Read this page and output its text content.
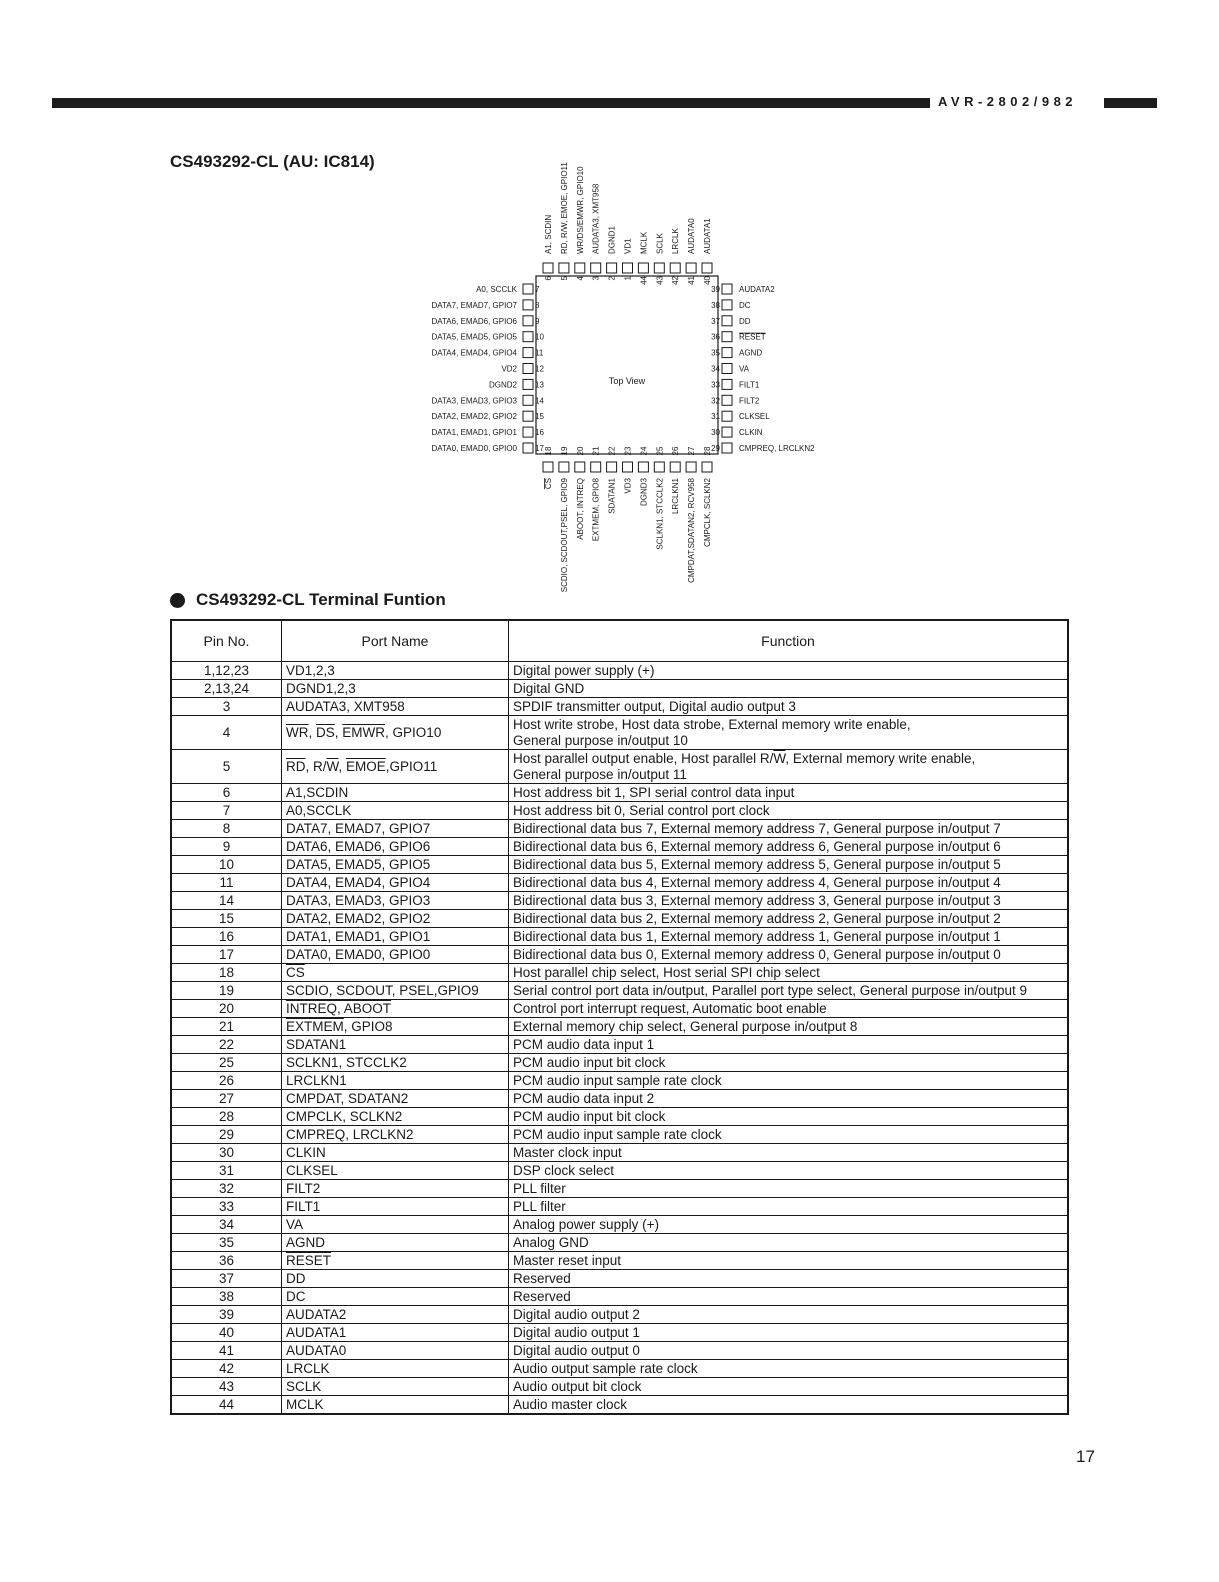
AVR-2802/982
CS493292-CL (AU: IC814)
Top View
7
A0, SCCLK
8
DATA7, EMAD7, GPIO7
9
DATA6, EMAD6, GPIO6
10
DATA5, EMAD5, GPIO5
11
DATA4, EMAD4, GPIO4
12
VD2
13
DGND2
14
DATA3, EMAD3, GPIO3
15
DATA2, EMAD2, GPIO2
16
DATA1, EMAD1, GPIO1
17
DATA0, EMAD0, GPIO0
39 AUDATA2
38 DC
37 DD
36 RESET
35 AGND
34 VA
33 FILT1
32 FILT2
31 CLKSEL
30 CLKIN
29 CMPREQ, LRCLKN2
6
A1, SCDIN
5
RD, R/W, EMOE, GPIO11
4
WR/DS/EMWR, GPIO10
3
AUDATA3, XMT958
2
DGND1
1
VD1
44
MCLK
43
SCLK
42
LRCLK
41
AUDATA0
40
AUDATA1
18
CS
19
SCDIO, SCDOUT,PSEL, GPIO9
20
ABOOT, INTREQ
21
EXTMEM, GPIO8
22
SDATAN1
23
VD3
24
DGND3
25
SCLKN1, STCCLK2
26
LRCLKN1
27
CMPDAT,SDATAN2, RCV958
28
CMPCLK, SCLKN2
CS493292-CL Terminal Funtion
Pin No.	Port Name	Function
1,12,23	VD1,2,3	Digital power supply (+)
2,13,24	DGND1,2,3	Digital GND
3	AUDATA3, XMT958	SPDIF transmitter output, Digital audio output 3
4	$\overline{WR}$, $\overline{DS}$, EMWR, GPIO10	Host write strobe, Host data strobe, External memory write enable,
General purpose in/output 10
5	$\overline{RD}$, $R/\overline{W}$, EMOE,GPIO11	Host parallel output enable, Host parallel $R/\overline{W}$, External memory write enable,
General purpose in/output 11
6	A1,SCDIN	Host address bit 1, SPI serial control data input
7	A0,SCCLK	Host address bit 0, Serial control port clock
8	DATA7, EMAD7, GPIO7	Bidirectional data bus 7, External memory address 7, General purpose in/output 7
9	DATA6, EMAD6, GPIO6	Bidirectional data bus 6, External memory address 6, General purpose in/output 6
10	DATA5, EMAD5, GPIO5	Bidirectional data bus 5, External memory address 5, General purpose in/output 5
11	DATA4, EMAD4, GPIO4	Bidirectional data bus 4, External memory address 4, General purpose in/output 4
14	DATA3, EMAD3, GPIO3	Bidirectional data bus 3, External memory address 3, General purpose in/output 3
15	DATA2, EMAD2, GPIO2	Bidirectional data bus 2, External memory address 2, General purpose in/output 2
16	DATA1, EMAD1, GPIO1	Bidirectional data bus 1, External memory address 1, General purpose in/output 1
17	DATA0, EMAD0, GPIO0	Bidirectional data bus 0, External memory address 0, General purpose in/output 0
18	$\overline{CS}$	Host parallel chip select, Host serial SPI chip select
19	SCDIO, SCDOUT, PSEL,GPIO9	Serial control port data in/output, Parallel port type select, General purpose in/output 9
20	INTREQ, ABOOT	Control port interrupt request, Automatic boot enable
21	EXTMEM, GPIO8	External memory chip select, General purpose in/output 8
22	SDATAN1	PCM audio data input 1
25	SCLKN1, STCCLK2	PCM audio input bit clock
26	LRCLKN1	PCM audio input sample rate clock
27	CMPDAT, SDATAN2	PCM audio data input 2
28	CMPCLK, SCLKN2	PCM audio input bit clock
29	CMPREQ, LRCLKN2	PCM audio input sample rate clock
30	CLKIN	Master clock input
31	CLKSEL	DSP clock select
32	FILT2	PLL filter
33	FILT1	PLL filter
34	VA	Analog power supply (+)
35	AGND	Analog GND
36	RESET	Master reset input
37	DD	Reserved
38	DC	Reserved
39	AUDATA2	Digital audio output 2
40	AUDATA1	Digital audio output 1
41	AUDATA0	Digital audio output 0
42	LRCLK	Audio output sample rate clock
43	SCLK	Audio output bit clock
44	MCLK	Audio master clock
17
